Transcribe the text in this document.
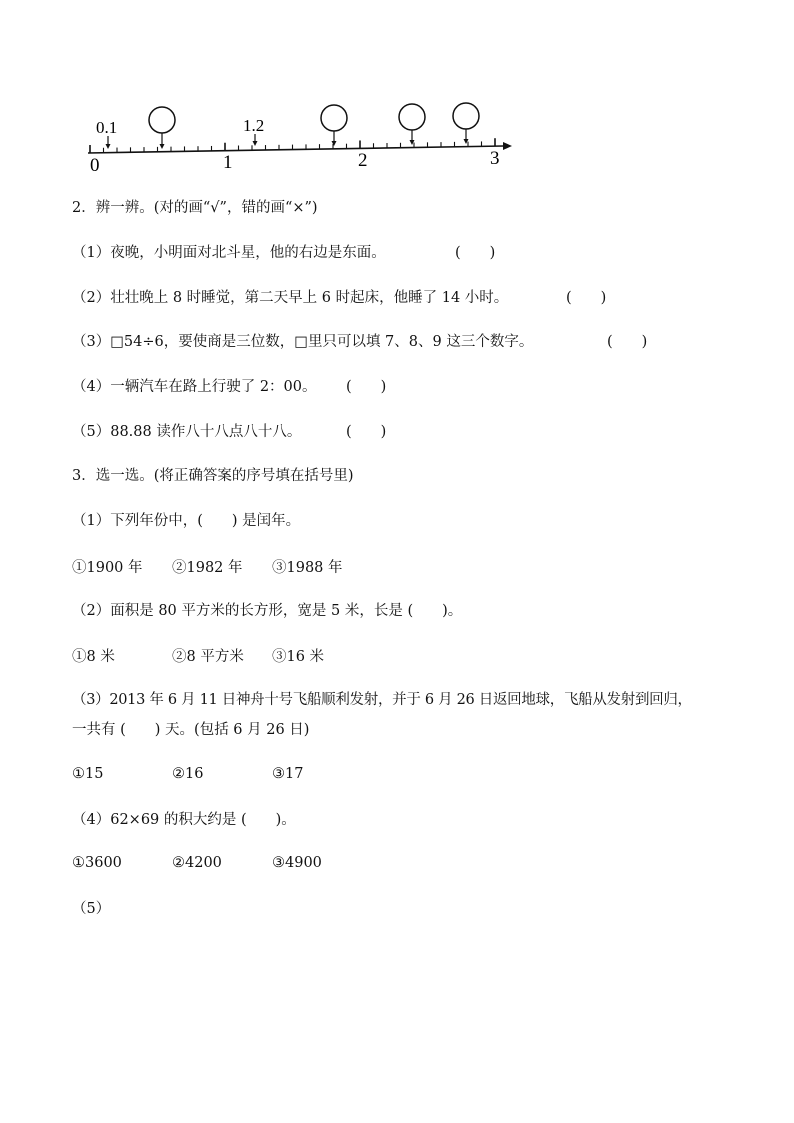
0.1	1.2
0	1	2	3
2．辨一辨。(对的画“√”，错的画“×”)
（1）夜晚，小明面对北斗星，他的右边是东面。	(　　)
（2）壮壮晚上 8 时睡觉，第二天早上 6 时起床，他睡了 14 小时。	(　　)
（3）□54÷6，要使商是三位数，□里只可以填 7、8、9 这三个数字。	(　　)
（4）一辆汽车在路上行驶了 2：00。 (　　)
（5）88.88 读作八十八点八十八。	(　　)
3．选一选。(将正确答案的序号填在括号里)
（1）下列年份中，(　　) 是闰年。
①1900 年 ②1982 年 ③1988 年
（2）面积是 80 平方米的长方形，宽是 5 米，长是 (　　)。
①8 米	②8 平方米 ③16 米
（3）2013 年 6 月 11 日神舟十号飞船顺利发射，并于 6 月 26 日返回地球，飞船从发射到回归，
一共有 (　　) 天。(包括 6 月 26 日)
①15	②16	③17
（4）62×69 的积大约是 (　　)。
①3600	②4200	③4900
（5）
